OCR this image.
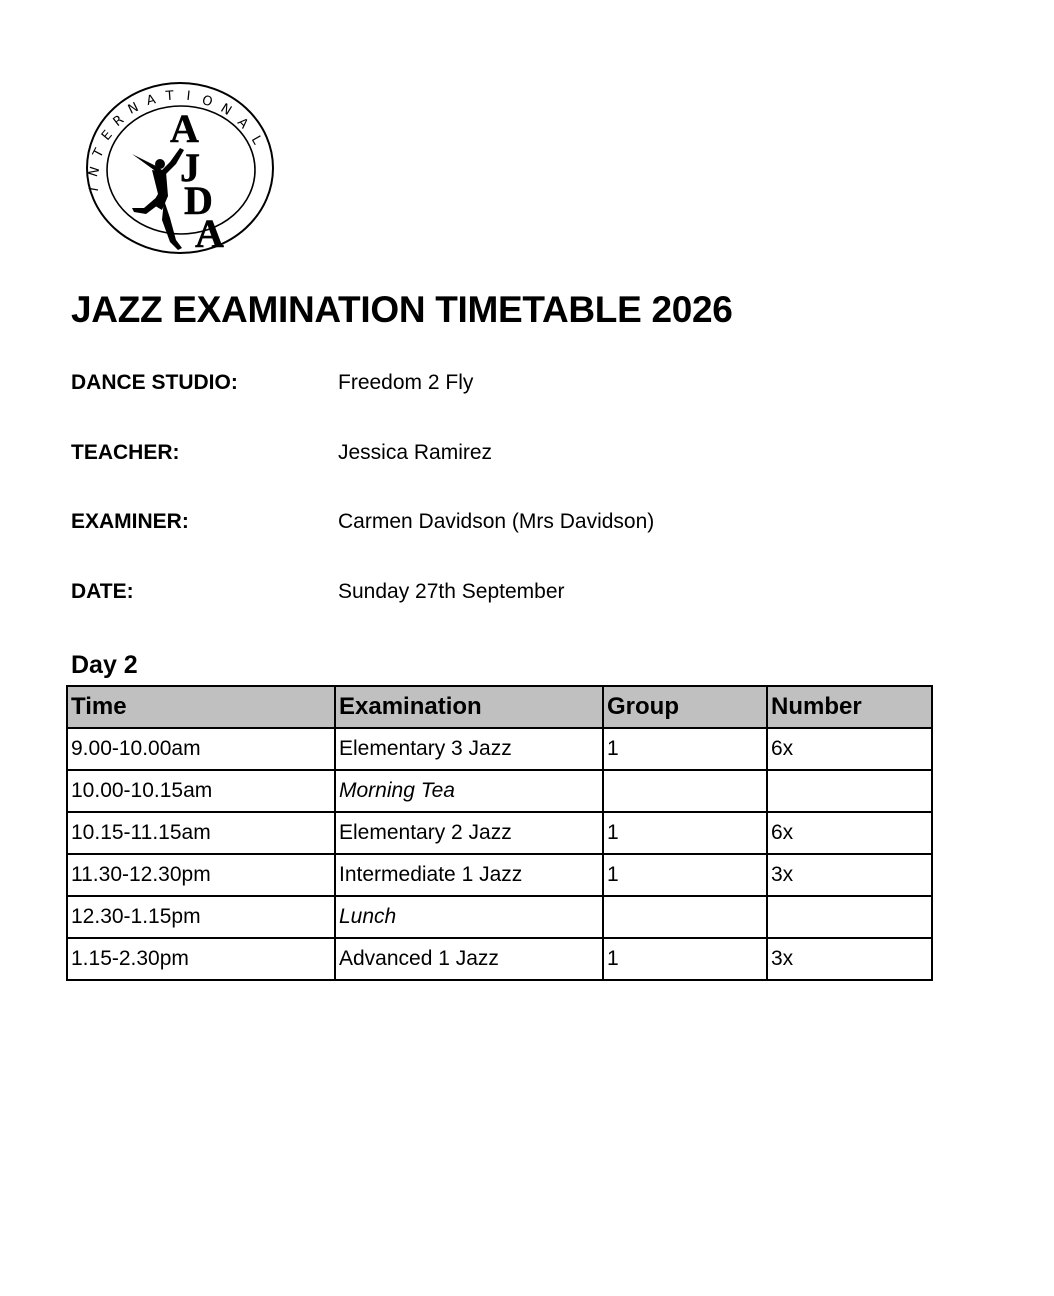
I
N
T
E
R
N A T I O N
A
L
A
J
D
A
JAZZ EXAMINATION TIMETABLE 2026
DANCE STUDIO:	Freedom 2 Fly
TEACHER:	Jessica Ramirez
EXAMINER:	Carmen Davidson (Mrs Davidson)
DATE:	Sunday 27th September
Day 2
Time	Examination	Group	Number
9.00-10.00am	Elementary 3 Jazz	1	6x
10.00-10.15am	Morning Tea		
10.15-11.15am	Elementary 2 Jazz	1	6x
11.30-12.30pm	Intermediate 1 Jazz	1	3x
12.30-1.15pm	Lunch		
1.15-2.30pm	Advanced 1 Jazz	1	3x
